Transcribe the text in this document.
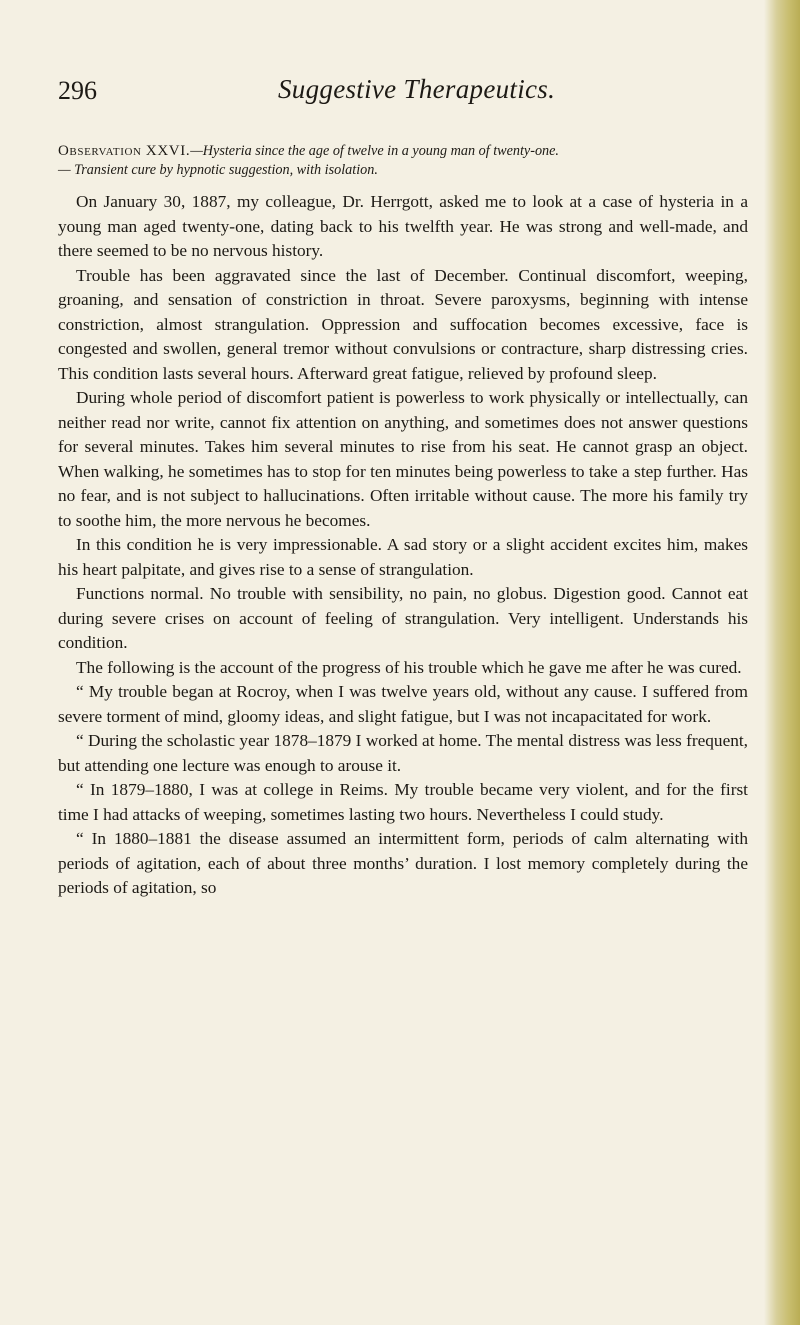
296	Suggestive Therapeutics.

Observation XXVI.—Hysteria since the age of twelve in a young man of twenty-one.
— Transient cure by hypnotic suggestion, with isolation.

On January 30, 1887, my colleague, Dr. Herrgott, asked me to look at a case of hysteria in a young man aged twenty-one, dating back to his twelfth year. He was strong and well-made, and there seemed to be no nervous history.

Trouble has been aggravated since the last of December. Continual discomfort, weeping, groaning, and sensation of constriction in throat. Severe paroxysms, beginning with intense constriction, almost strangulation. Oppression and suffocation becomes excessive, face is congested and swollen, general tremor without convulsions or contracture, sharp distressing cries. This condition lasts several hours. Afterward great fatigue, relieved by profound sleep.

During whole period of discomfort patient is powerless to work physically or intellectually, can neither read nor write, cannot fix attention on anything, and sometimes does not answer questions for several minutes. Takes him several minutes to rise from his seat. He cannot grasp an object. When walking, he sometimes has to stop for ten minutes being powerless to take a step further. Has no fear, and is not subject to hallucinations. Often irritable without cause. The more his family try to soothe him, the more nervous he becomes.

In this condition he is very impressionable. A sad story or a slight accident excites him, makes his heart palpitate, and gives rise to a sense of strangulation.

Functions normal. No trouble with sensibility, no pain, no globus. Digestion good. Cannot eat during severe crises on account of feeling of strangulation. Very intelligent. Understands his condition.

The following is the account of the progress of his trouble which he gave me after he was cured.

“ My trouble began at Rocroy, when I was twelve years old, without any cause. I suffered from severe torment of mind, gloomy ideas, and slight fatigue, but I was not incapacitated for work.

“ During the scholastic year 1878–1879 I worked at home. The mental distress was less frequent, but attending one lecture was enough to arouse it.

“ In 1879–1880, I was at college in Reims. My trouble became very violent, and for the first time I had attacks of weeping, sometimes lasting two hours. Nevertheless I could study.

“ In 1880–1881 the disease assumed an intermittent form, periods of calm alternating with periods of agitation, each of about three months’ duration. I lost memory completely during the periods of agitation, so
